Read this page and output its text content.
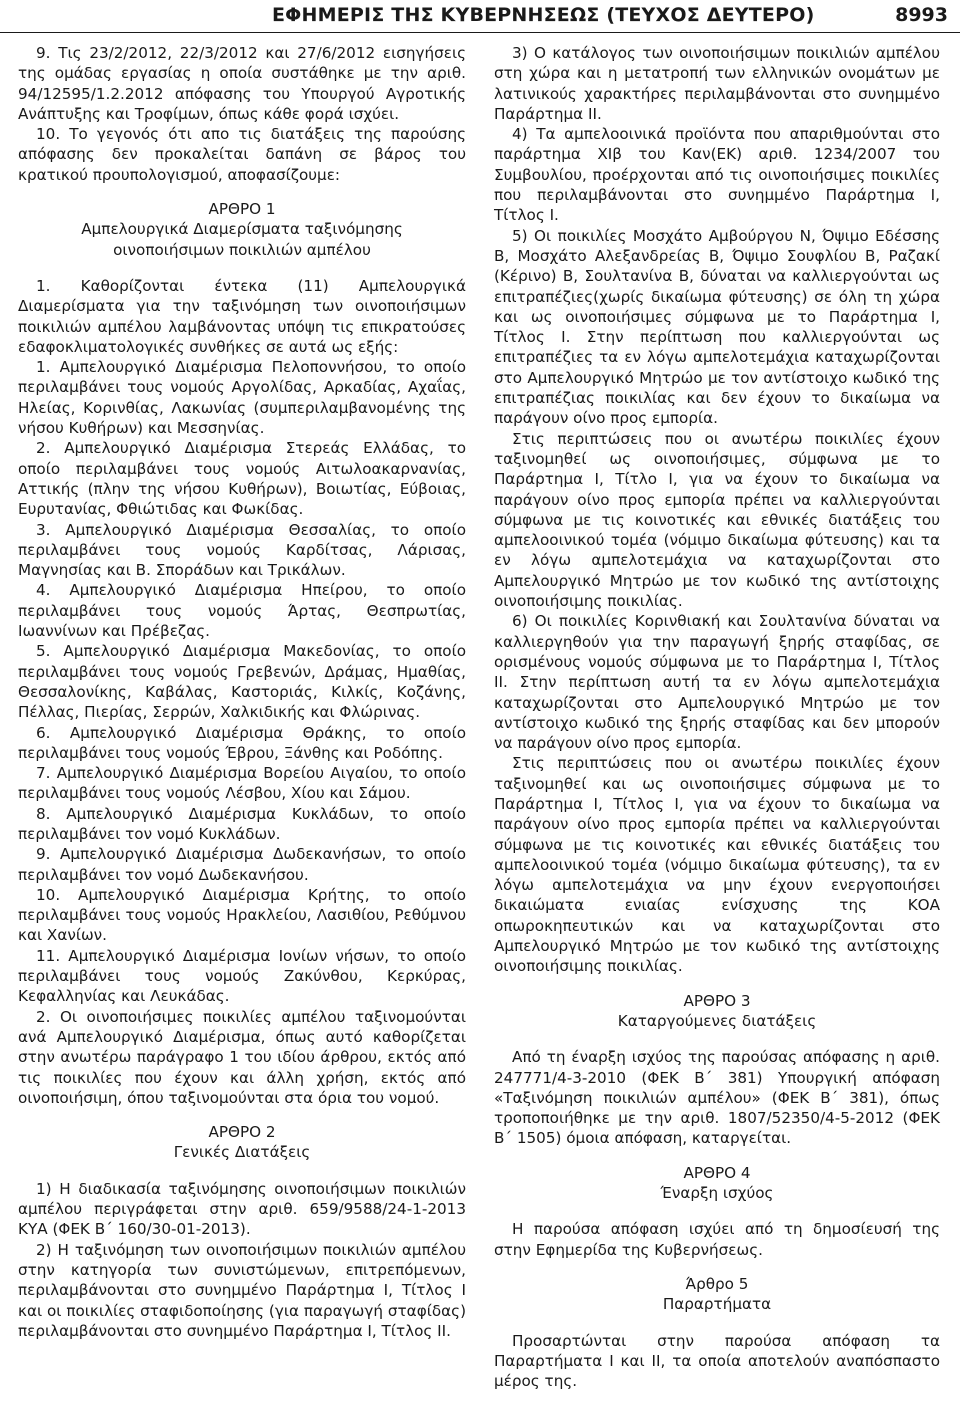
ΕΦΗΜΕΡΙΣ ΤΗΣ ΚΥΒΕΡΝΗΣΕΩΣ (ΤΕΥΧΟΣ ΔΕΥΤΕΡΟ)	8993

9. Τις 23/2/2012, 22/3/2012 και 27/6/2012 εισηγήσεις της ομάδας εργασίας η οποία συστάθηκε με την αριθ. 94/12595/1.2.2012 απόφασης του Υπουργού Αγροτικής Ανάπτυξης και Τροφίμων, όπως κάθε φορά ισχύει.

10. Το γεγονός ότι απο τις διατάξεις της παρούσης απόφασης δεν προκαλείται δαπάνη σε βάρος του κρατικού προυπολογισμού, αποφασίζουμε:

ΑΡΘΡΟ 1
Αμπελουργικά Διαμερίσματα ταξινόμησης
οινοποιήσιμων ποικιλιών αμπέλου

1. Καθορίζονται έντεκα (11) Αμπελουργικά Διαμερίσματα για την ταξινόμηση των οινοποιήσιμων ποικιλιών αμπέλου λαμβάνοντας υπόψη τις επικρατούσες εδαφοκλιματολογικές συνθήκες σε αυτά ως εξής:

1. Αμπελουργικό Διαμέρισμα Πελοποννήσου, το οποίο περιλαμβάνει τους νομούς Αργολίδας, Αρκαδίας, Αχαΐας, Ηλείας, Κορινθίας, Λακωνίας (συμπεριλαμβανομένης της νήσου Κυθήρων) και Μεσσηνίας.

2. Αμπελουργικό Διαμέρισμα Στερεάς Ελλάδας, το οποίο περιλαμβάνει τους νομούς Αιτωλοακαρνανίας, Αττικής (πλην της νήσου Κυθήρων), Βοιωτίας, Εύβοιας, Ευρυτανίας, Φθιώτιδας και Φωκίδας.

3. Αμπελουργικό Διαμέρισμα Θεσσαλίας, το οποίο περιλαμβάνει τους νομούς Καρδίτσας, Λάρισας, Μαγνησίας και Β. Σποράδων και Τρικάλων.

4. Αμπελουργικό Διαμέρισμα Ηπείρου, το οποίο περιλαμβάνει τους νομούς Άρτας, Θεσπρωτίας, Ιωαννίνων και Πρέβεζας.

5. Αμπελουργικό Διαμέρισμα Μακεδονίας, το οποίο περιλαμβάνει τους νομούς Γρεβενών, Δράμας, Ημαθίας, Θεσσαλονίκης, Καβάλας, Καστοριάς, Κιλκίς, Κοζάνης, Πέλλας, Πιερίας, Σερρών, Χαλκιδικής και Φλώρινας.

6. Αμπελουργικό Διαμέρισμα Θράκης, το οποίο περιλαμβάνει τους νομούς Έβρου, Ξάνθης και Ροδόπης.

7. Αμπελουργικό Διαμέρισμα Βορείου Αιγαίου, το οποίο περιλαμβάνει τους νομούς Λέσβου, Χίου και Σάμου.

8. Αμπελουργικό Διαμέρισμα Κυκλάδων, το οποίο περιλαμβάνει τον νομό Κυκλάδων.

9. Αμπελουργικό Διαμέρισμα Δωδεκανήσων, το οποίο περιλαμβάνει τον νομό Δωδεκανήσου.

10. Αμπελουργικό Διαμέρισμα Κρήτης, το οποίο περιλαμβάνει τους νομούς Ηρακλείου, Λασιθίου, Ρεθύμνου και Χανίων.

11. Αμπελουργικό Διαμέρισμα Ιονίων νήσων, το οποίο περιλαμβάνει τους νομούς Ζακύνθου, Κερκύρας, Κεφαλληνίας και Λευκάδας.

2. Οι οινοποιήσιμες ποικιλίες αμπέλου ταξινομούνται ανά Αμπελουργικό Διαμέρισμα, όπως αυτό καθορίζεται στην ανωτέρω παράγραφο 1 του ιδίου άρθρου, εκτός από τις ποικιλίες που έχουν και άλλη χρήση, εκτός από οινοποιήσιμη, όπου ταξινομούνται στα όρια του νομού.

ΑΡΘΡΟ 2
Γενικές Διατάξεις

1) Η διαδικασία ταξινόμησης οινοποιήσιμων ποικιλιών αμπέλου περιγράφεται στην αριθ. 659/9588/24-1-2013 ΚΥΑ (ΦΕΚ Β΄ 160/30-01-2013).

2) Η ταξινόμηση των οινοποιήσιμων ποικιλιών αμπέλου στην κατηγορία των συνιστώμενων, επιτρεπόμενων, περιλαμβάνονται στο συνημμένο Παράρτημα Ι, Τίτλος Ι και οι ποικιλίες σταφιδοποίησης (για παραγωγή σταφίδας) περιλαμβάνονται στο συνημμένο Παράρτημα Ι, Τίτλος ΙΙ.

3) Ο κατάλογος των οινοποιήσιμων ποικιλιών αμπέλου στη χώρα και η μετατροπή των ελληνικών ονομάτων με λατινικούς χαρακτήρες περιλαμβάνονται στο συνημμένο Παράρτημα ΙΙ.

4) Τα αμπελοοινικά προϊόντα που απαριθμούνται στο παράρτημα ΧΙβ του Καν(ΕΚ) αριθ. 1234/2007 του Συμβουλίου, προέρχονται από τις οινοποιήσιμες ποικιλίες που περιλαμβάνονται στο συνημμένο Παράρτημα Ι, Τίτλος Ι.

5) Οι ποικιλίες Μοσχάτο Αμβούργου Ν, Όψιμο Εδέσσης Β, Μοσχάτο Αλεξανδρείας Β, Όψιμο Σουφλίου Β, Ραζακί (Κέρινο) Β, Σουλτανίνα Β, δύναται να καλλιεργούνται ως επιτραπέζιες(χωρίς δικαίωμα φύτευσης) σε όλη τη χώρα και ως οινοποιήσιμες σύμφωνα με το Παράρτημα Ι, Τίτλος Ι. Στην περίπτωση που καλλιεργούνται ως επιτραπέζιες τα εν λόγω αμπελοτεμάχια καταχωρίζονται στο Αμπελουργικό Μητρώο με τον αντίστοιχο κωδικό της επιτραπέζιας ποικιλίας και δεν έχουν το δικαίωμα να παράγουν οίνο προς εμπορία.

Στις περιπτώσεις που οι ανωτέρω ποικιλίες έχουν ταξινομηθεί ως οινοποιήσιμες, σύμφωνα με το Παράρτημα Ι, Τίτλο Ι, για να έχουν το δικαίωμα να παράγουν οίνο προς εμπορία πρέπει να καλλιεργούνται σύμφωνα με τις κοινοτικές και εθνικές διατάξεις του αμπελοοινικού τομέα (νόμιμο δικαίωμα φύτευσης) και τα εν λόγω αμπελοτεμάχια να καταχωρίζονται στο Αμπελουργικό Μητρώο με τον κωδικό της αντίστοιχης οινοποιήσιμης ποικιλίας.

6) Οι ποικιλίες Κορινθιακή και Σουλτανίνα δύναται να καλλιεργηθούν για την παραγωγή ξηρής σταφίδας, σε ορισμένους νομούς σύμφωνα με το Παράρτημα Ι, Τίτλος ΙΙ. Στην περίπτωση αυτή τα εν λόγω αμπελοτεμάχια καταχωρίζονται στο Αμπελουργικό Μητρώο με τον αντίστοιχο κωδικό της ξηρής σταφίδας και δεν μπορούν να παράγουν οίνο προς εμπορία.

Στις περιπτώσεις που οι ανωτέρω ποικιλίες έχουν ταξινομηθεί και ως οινοποιήσιμες σύμφωνα με το Παράρτημα Ι, Τίτλος Ι, για να έχουν το δικαίωμα να παράγουν οίνο προς εμπορία πρέπει να καλλιεργούνται σύμφωνα με τις κοινοτικές και εθνικές διατάξεις του αμπελοοινικού τομέα (νόμιμο δικαίωμα φύτευσης), τα εν λόγω αμπελοτεμάχια να μην έχουν ενεργοποιήσει δικαιώματα ενιαίας ενίσχυσης της ΚΟΑ οπωροκηπευτικών και να καταχωρίζονται στο Αμπελουργικό Μητρώο με τον κωδικό της αντίστοιχης οινοποιήσιμης ποικιλίας.

ΑΡΘΡΟ 3
Καταργούμενες διατάξεις

Από τη έναρξη ισχύος της παρούσας απόφασης η αριθ. 247771/4-3-2010 (ΦΕΚ Β΄ 381) Υπουργική απόφαση «Ταξινόμηση ποικιλιών αμπέλου» (ΦΕΚ Β΄ 381), όπως τροποποιήθηκε με την αριθ. 1807/52350/4-5-2012 (ΦΕΚ Β΄ 1505) όμοια απόφαση, καταργείται.

ΑΡΘΡΟ 4
Έναρξη ισχύος

Η παρούσα απόφαση ισχύει από τη δημοσίευσή της στην Εφημερίδα της Κυβερνήσεως.

Άρθρο 5
Παραρτήματα

Προσαρτώνται στην παρούσα απόφαση τα Παραρτήματα Ι και ΙΙ, τα οποία αποτελούν αναπόσπαστο μέρος της.
